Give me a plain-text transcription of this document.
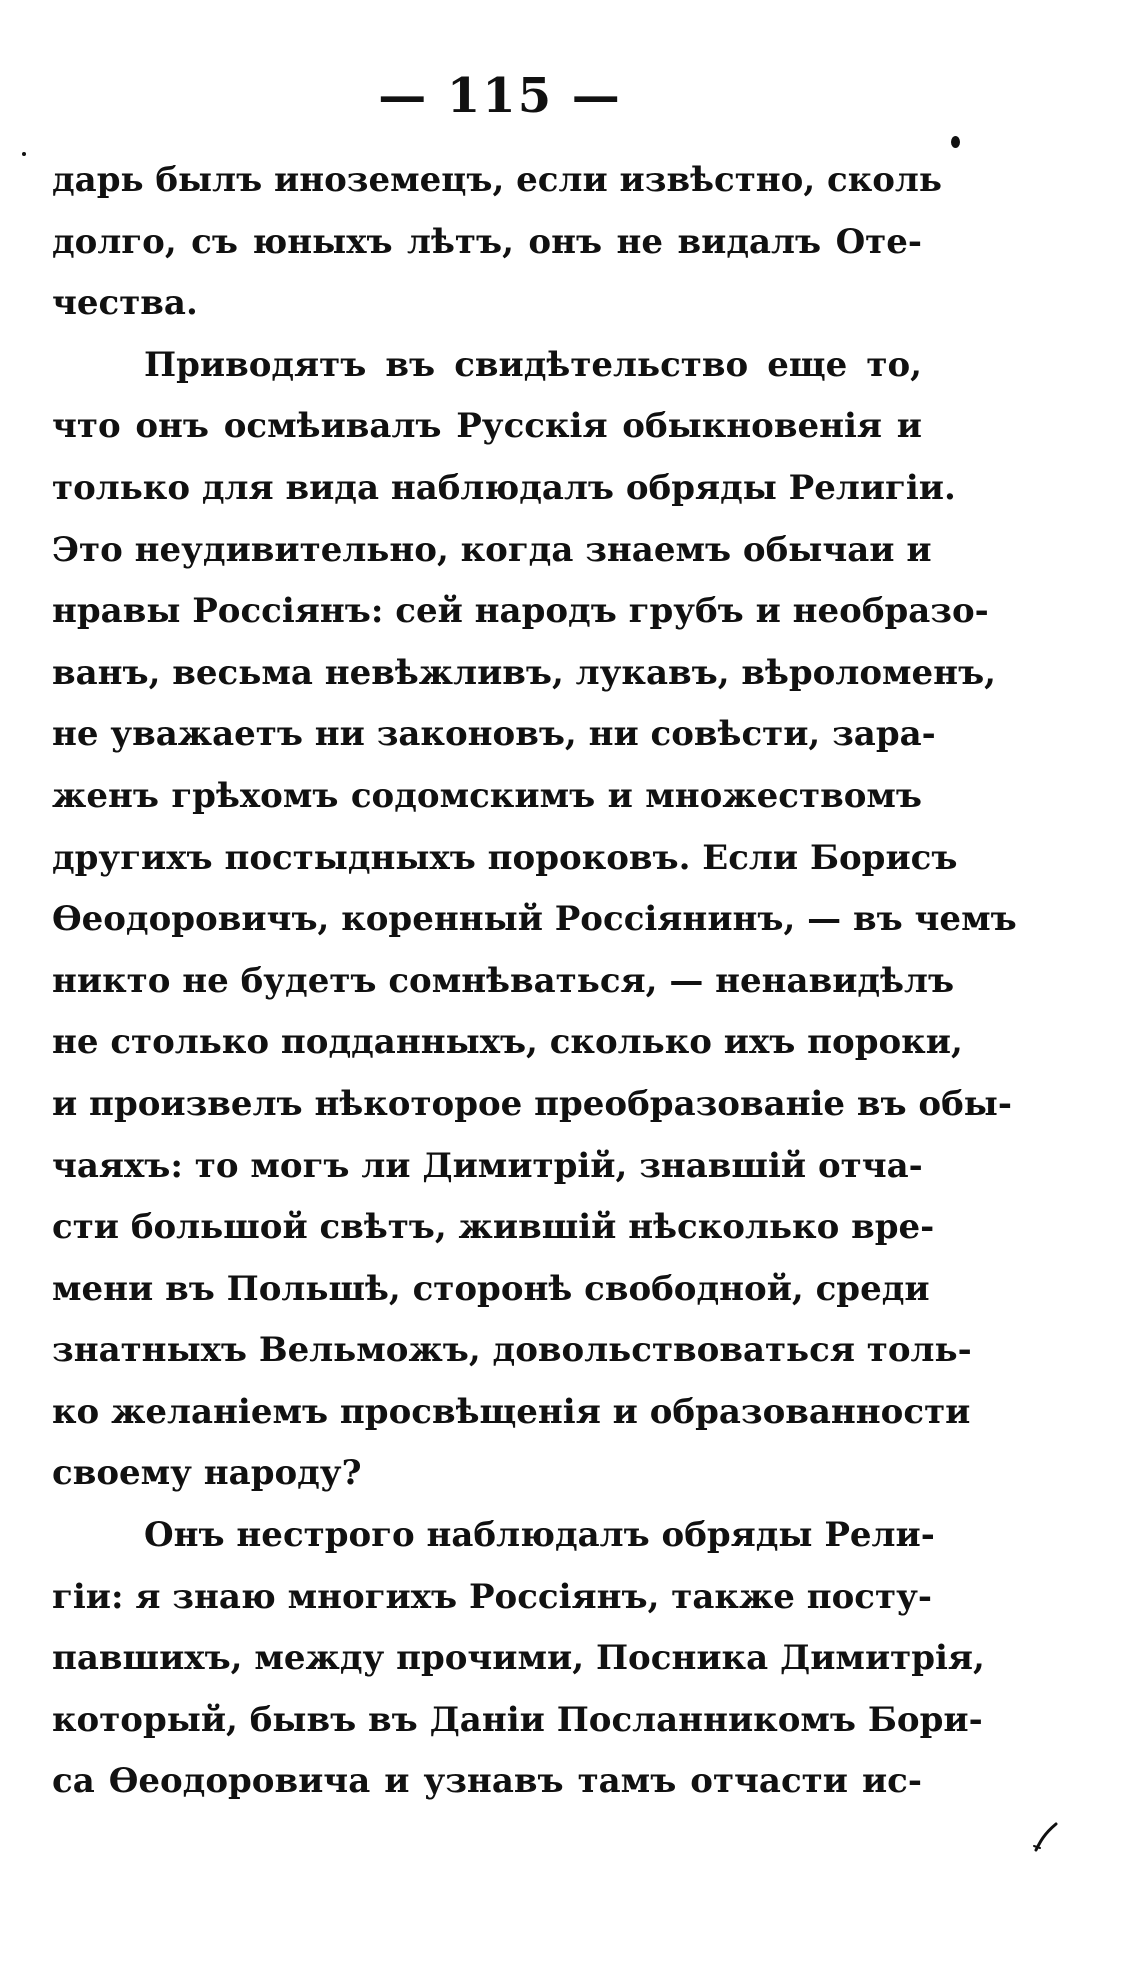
— 115 —
дарь былъ иноземецъ, если извѣстно, сколь
долго, съ юныхъ лѣтъ, онъ не видалъ Оте-
чества.
Приводятъ въ свидѣтельство еще то,
что онъ осмѣивалъ Русскія обыкновенія и
только для вида наблюдалъ обряды Религіи.
Это неудивительно, когда знаемъ обычаи и
нравы Россіянъ: сей народъ грубъ и необразо-
ванъ, весьма невѣжливъ, лукавъ, вѣроломенъ,
не уважаетъ ни законовъ, ни совѣсти, зара-
женъ грѣхомъ содомскимъ и множествомъ
другихъ постыдныхъ пороковъ. Если Борисъ
Ѳеодоровичъ, коренный Россіянинъ, — въ чемъ
никто не будетъ сомнѣваться, — ненавидѣлъ
не столько подданныхъ, сколько ихъ пороки,
и произвелъ нѣкоторое преобразованіе въ обы-
чаяхъ: то могъ ли Димитрій, знавшій отча-
сти большой свѣтъ, жившій нѣсколько вре-
мени въ Польшѣ, сторонѣ свободной, среди
знатныхъ Вельможъ, довольствоваться толь-
ко желаніемъ просвѣщенія и образованности
своему народу?
Онъ нестрого наблюдалъ обряды Рели-
гіи: я знаю многихъ Россіянъ, также посту-
павшихъ, между прочими, Посника Димитрія,
который, бывъ въ Даніи Посланникомъ Бори-
са Ѳеодоровича и узнавъ тамъ отчасти ис-
